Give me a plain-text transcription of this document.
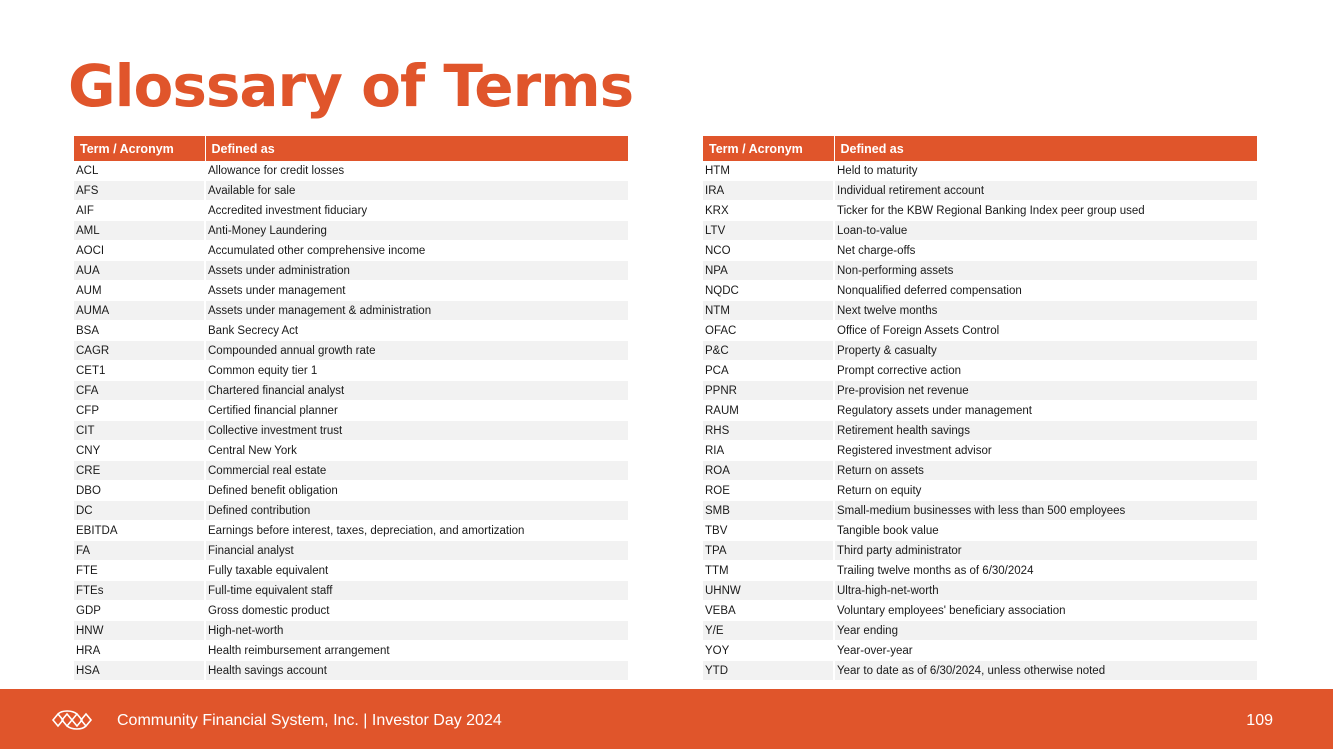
Glossary of Terms
Term / Acronym	Defined as
ACL	Allowance for credit losses
AFS	Available for sale
AIF	Accredited investment fiduciary
AML	Anti-Money Laundering
AOCI	Accumulated other comprehensive income
AUA	Assets under administration
AUM	Assets under management
AUMA	Assets under management & administration
BSA	Bank Secrecy Act
CAGR	Compounded annual growth rate
CET1	Common equity tier 1
CFA	Chartered financial analyst
CFP	Certified financial planner
CIT	Collective investment trust
CNY	Central New York
CRE	Commercial real estate
DBO	Defined benefit obligation
DC	Defined contribution
EBITDA	Earnings before interest, taxes, depreciation, and amortization
FA	Financial analyst
FTE	Fully taxable equivalent
FTEs	Full-time equivalent staff
GDP	Gross domestic product
HNW	High-net-worth
HRA	Health reimbursement arrangement
HSA	Health savings account
Term / Acronym	Defined as
HTM	Held to maturity
IRA	Individual retirement account
KRX	Ticker for the KBW Regional Banking Index peer group used
LTV	Loan-to-value
NCO	Net charge-offs
NPA	Non-performing assets
NQDC	Nonqualified deferred compensation
NTM	Next twelve months
OFAC	Office of Foreign Assets Control
P&C	Property & casualty
PCA	Prompt corrective action
PPNR	Pre-provision net revenue
RAUM	Regulatory assets under management
RHS	Retirement health savings
RIA	Registered investment advisor
ROA	Return on assets
ROE	Return on equity
SMB	Small-medium businesses with less than 500 employees
TBV	Tangible book value
TPA	Third party administrator
TTM	Trailing twelve months as of 6/30/2024
UHNW	Ultra-high-net-worth
VEBA	Voluntary employees' beneficiary association
Y/E	Year ending
YOY	Year-over-year
YTD	Year to date as of 6/30/2024, unless otherwise noted
Community Financial System, Inc. | Investor Day 2024	109
